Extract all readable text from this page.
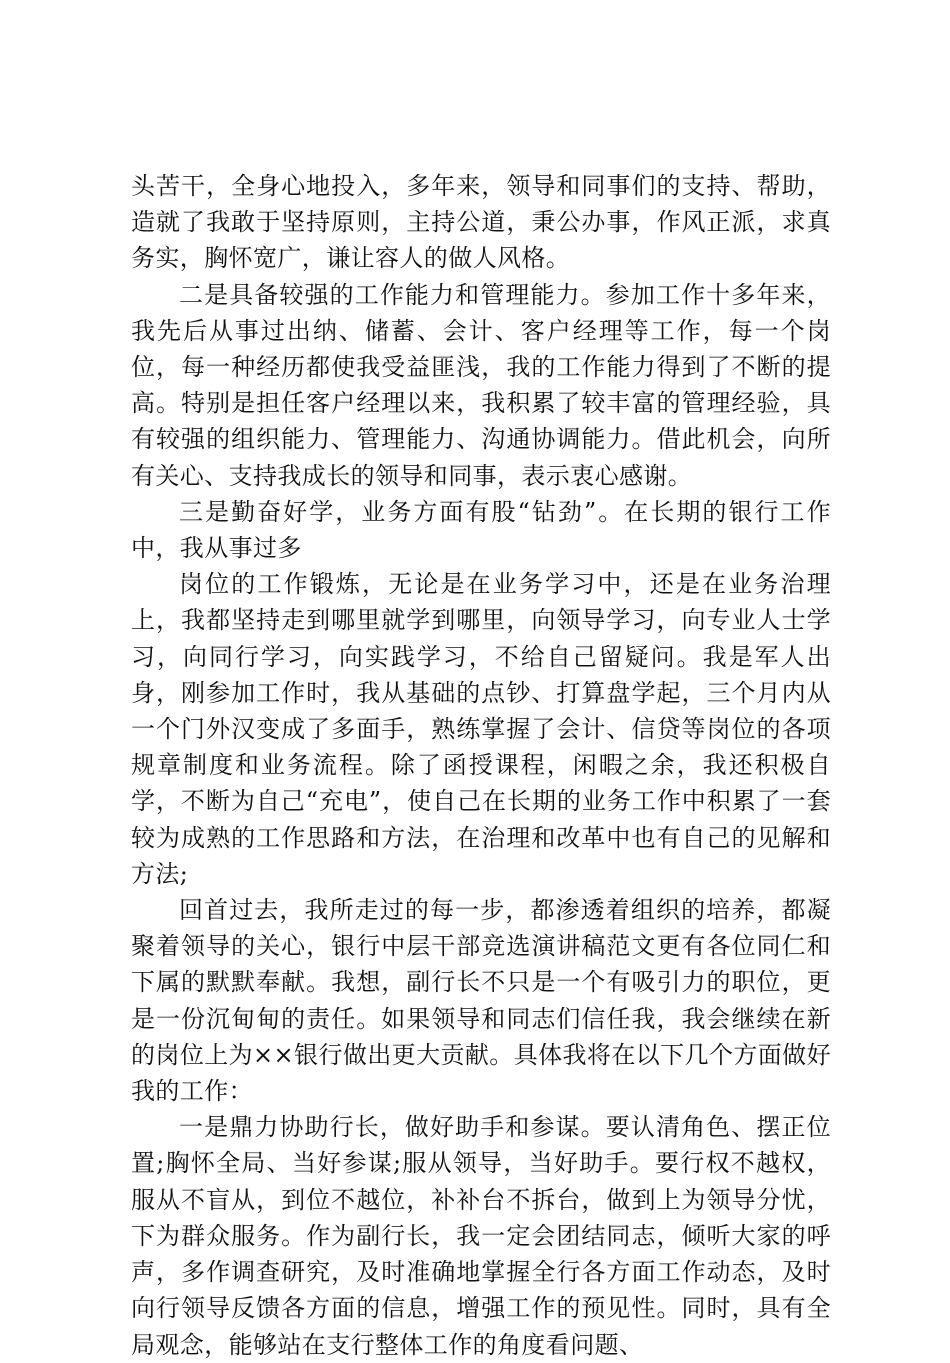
头苦干，全身心地投入，多年来，领导和同事们的支持、帮助，造就了我敢于坚持原则，主持公道，秉公办事，作风正派，求真务实，胸怀宽广，谦让容人的做人风格。

二是具备较强的工作能力和管理能力。参加工作十多年来，我先后从事过出纳、储蓄、会计、客户经理等工作，每一个岗位，每一种经历都使我受益匪浅，我的工作能力得到了不断的提高。特别是担任客户经理以来，我积累了较丰富的管理经验，具有较强的组织能力、管理能力、沟通协调能力。借此机会，向所有关心、支持我成长的领导和同事，表示衷心感谢。

三是勤奋好学，业务方面有股“钻劲”。在长期的银行工作中，我从事过多

岗位的工作锻炼，无论是在业务学习中，还是在业务治理上，我都坚持走到哪里就学到哪里，向领导学习，向专业人士学习，向同行学习，向实践学习，不给自己留疑问。我是军人出身，刚参加工作时，我从基础的点钞、打算盘学起，三个月内从一个门外汉变成了多面手，熟练掌握了会计、信贷等岗位的各项规章制度和业务流程。除了函授课程，闲暇之余，我还积极自学，不断为自己“充电”，使自己在长期的业务工作中积累了一套较为成熟的工作思路和方法，在治理和改革中也有自己的见解和方法;

回首过去，我所走过的每一步，都渗透着组织的培养，都凝聚着领导的关心，银行中层干部竞选演讲稿范文更有各位同仁和下属的默默奉献。我想，副行长不只是一个有吸引力的职位，更是一份沉甸甸的责任。如果领导和同志们信任我，我会继续在新的岗位上为××银行做出更大贡献。具体我将在以下几个方面做好我的工作：

一是鼎力协助行长，做好助手和参谋。要认清角色、摆正位置;胸怀全局、当好参谋;服从领导，当好助手。要行权不越权，服从不盲从，到位不越位，补补台不拆台，做到上为领导分忧，下为群众服务。作为副行长，我一定会团结同志，倾听大家的呼声，多作调查研究，及时准确地掌握全行各方面工作动态，及时向行领导反馈各方面的信息，增强工作的预见性。同时，具有全局观念，能够站在支行整体工作的角度看问题、
